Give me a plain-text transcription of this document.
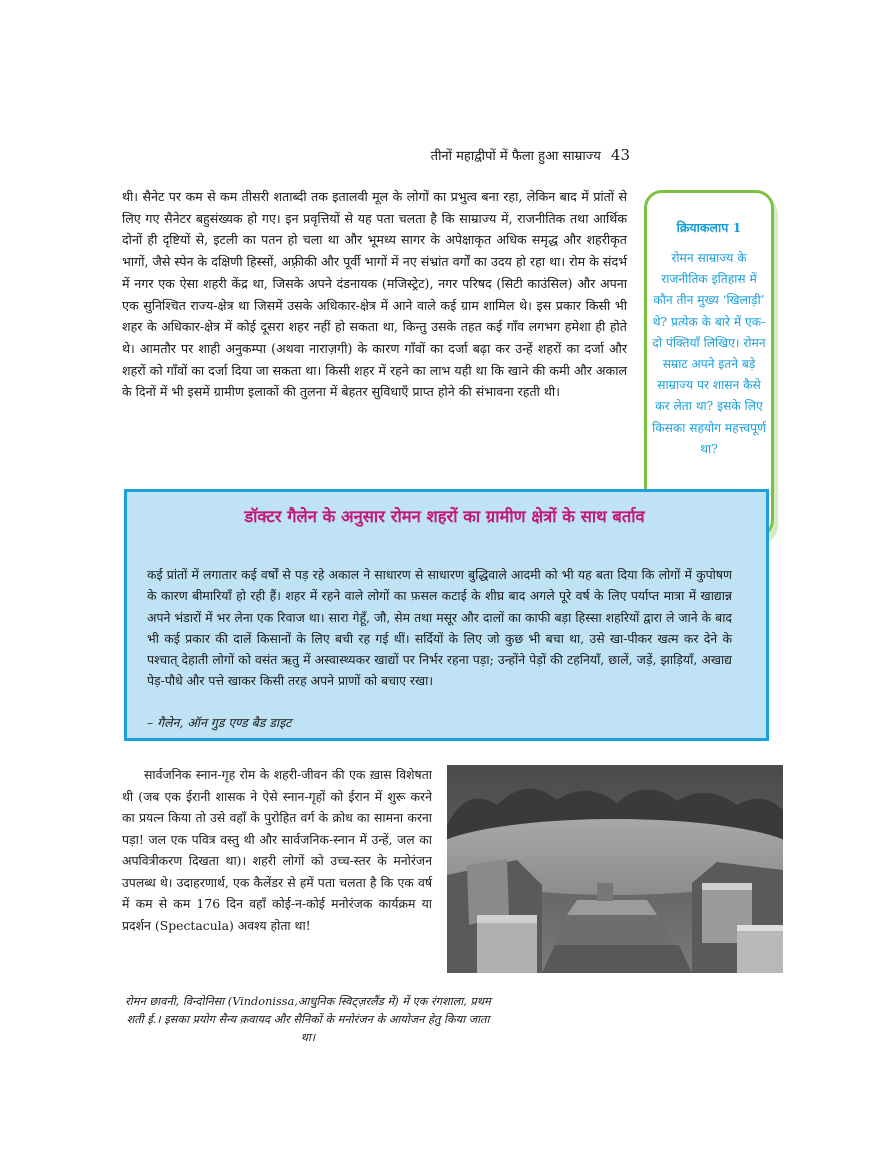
तीनों महाद्वीपों में फैला हुआ साम्राज्य 43

थी। सैनेट पर कम से कम तीसरी शताब्दी तक इतालवी मूल के लोगों का प्रभुत्व बना रहा, लेकिन बाद में प्रांतों से लिए गए सैनेटर बहुसंख्यक हो गए। इन प्रवृत्तियों से यह पता चलता है कि साम्राज्य में, राजनीतिक तथा आर्थिक दोनों ही दृष्टियों से, इटली का पतन हो चला था और भूमध्य सागर के अपेक्षाकृत अधिक समृद्ध और शहरीकृत भागों, जैसे स्पेन के दक्षिणी हिस्सों, अफ़्रीकी और पूर्वी भागों में नए संभ्रांत वर्गों का उदय हो रहा था। रोम के संदर्भ में नगर एक ऐसा शहरी केंद्र था, जिसके अपने दंडनायक (मजिस्ट्रेट), नगर परिषद (सिटी काउंसिल) और अपना एक सुनिश्चित राज्य-क्षेत्र था जिसमें उसके अधिकार-क्षेत्र में आने वाले कई ग्राम शामिल थे। इस प्रकार किसी भी शहर के अधिकार-क्षेत्र में कोई दूसरा शहर नहीं हो सकता था, किन्तु उसके तहत कई गाँव लगभग हमेशा ही होते थे। आमतौर पर शाही अनुकम्पा (अथवा नाराज़गी) के कारण गाँवों का दर्जा बढ़ा कर उन्हें शहरों का दर्जा और शहरों को गाँवों का दर्जा दिया जा सकता था। किसी शहर में रहने का लाभ यही था कि खाने की कमी और अकाल के दिनों में भी इसमें ग्रामीण इलाकों की तुलना में बेहतर सुविधाएँ प्राप्त होने की संभावना रहती थी।

क्रियाकलाप 1
रोमन साम्राज्य के राजनीतिक इतिहास में कौन तीन मुख्य ‘खिलाड़ी’ थे? प्रत्येक के बारे में एक-दो पंक्तियाँ लिखिए। रोमन सम्राट अपने इतने बड़े साम्राज्य पर शासन कैसे कर लेता था? इसके लिए किसका सहयोग महत्त्वपूर्ण था?
डॉक्टर गैलेन के अनुसार रोमन शहरों का ग्रामीण क्षेत्रों के साथ बर्ताव

कई प्रांतों में लगातार कई वर्षों से पड़ रहे अकाल ने साधारण से साधारण बुद्धिवाले आदमी को भी यह बता दिया कि लोगों में कुपोषण के कारण बीमारियाँ हो रही हैं। शहर में रहने वाले लोगों का फ़सल कटाई के शीघ्र बाद अगले पूरे वर्ष के लिए पर्याप्त मात्रा में खाद्यान्न अपने भंडारों में भर लेना एक रिवाज था। सारा गेहूँ, जौ, सेम तथा मसूर और दालों का काफी बड़ा हिस्सा शहरियों द्वारा ले जाने के बाद भी कई प्रकार की दालें किसानों के लिए बची रह गई थीं। सर्दियों के लिए जो कुछ भी बचा था, उसे खा-पीकर खत्म कर देने के पश्चात् देहाती लोगों को वसंत ऋतु में अस्वास्थ्यकर खाद्यों पर निर्भर रहना पड़ा; उन्होंने पेड़ों की टहनियाँ, छालें, जड़ें, झाड़ियाँ, अखाद्य पेड़-पौधे और पत्ते खाकर किसी तरह अपने प्राणों को बचाए रखा।

– गैलेन, ऑन गुड एण्ड बैड डाइट

सार्वजनिक स्नान-गृह रोम के शहरी-जीवन की एक ख़ास विशेषता थी (जब एक ईरानी शासक ने ऐसे स्नान-गृहों को ईरान में शुरू करने का प्रयत्न किया तो उसे वहाँ के पुरोहित वर्ग के क्रोध का सामना करना पड़ा! जल एक पवित्र वस्तु थी और सार्वजनिक-स्नान में उन्हें, जल का अपवित्रीकरण दिखता था)। शहरी लोगों को उच्च-स्तर के मनोरंजन उपलब्ध थे। उदाहरणार्थ, एक कैलेंडर से हमें पता चलता है कि एक वर्ष में कम से कम 176 दिन वहाँ कोई-न-कोई मनोरंजक कार्यक्रम या प्रदर्शन (Spectacula) अवश्य होता था!

रोमन छावनी, विन्दोनिसा (Vindonissa,आधुनिक स्विट्ज़रलैंड में) में एक रंगशाला, प्रथम शती ई.। इसका प्रयोग सैन्य क़वायद और सैनिकों के मनोरंजन के आयोजन हेतु किया जाता था।
